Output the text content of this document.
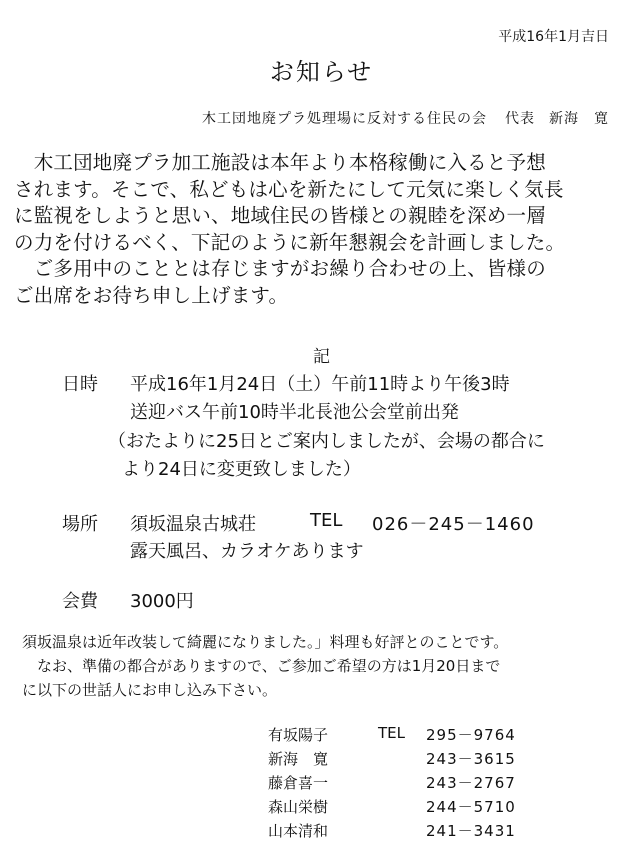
平成16年1月吉日
お知らせ
木工団地廃プラ処理場に反対する住民の会 代表 新海　寛
　木工団地廃プラ加工施設は本年より本格稼働に入ると予想
されます。そこで、私どもは心を新たにして元気に楽しく気長
に監視をしようと思い、地域住民の皆様との親睦を深め一層
の力を付けるべく、下記のように新年懇親会を計画しました。
　ご多用中のこととは存じますがお繰り合わせの上、皆様の
ご出席をお待ち申し上げます。
記
日時 平成16年1月24日（土）午前11時より午後3時
送迎バス午前10時半北長池公会堂前出発
（おたよりに25日とご案内しましたが、会場の都合に
より24日に変更致しました）
場所 須坂温泉古城荘	TEL 026－245－1460
露天風呂、カラオケあります
会費 3000円
須坂温泉は近年改装して綺麗になりました。」料理も好評とのことです。
　なお、準備の都合がありますので、ご参加ご希望の方は1月20日まで
に以下の世話人にお申し込み下さい。
有坂陽子	TEL 295－9764
新海　寛	243－3615
藤倉喜一	243－2767
森山栄樹	244－5710
山本清和	241－3431
